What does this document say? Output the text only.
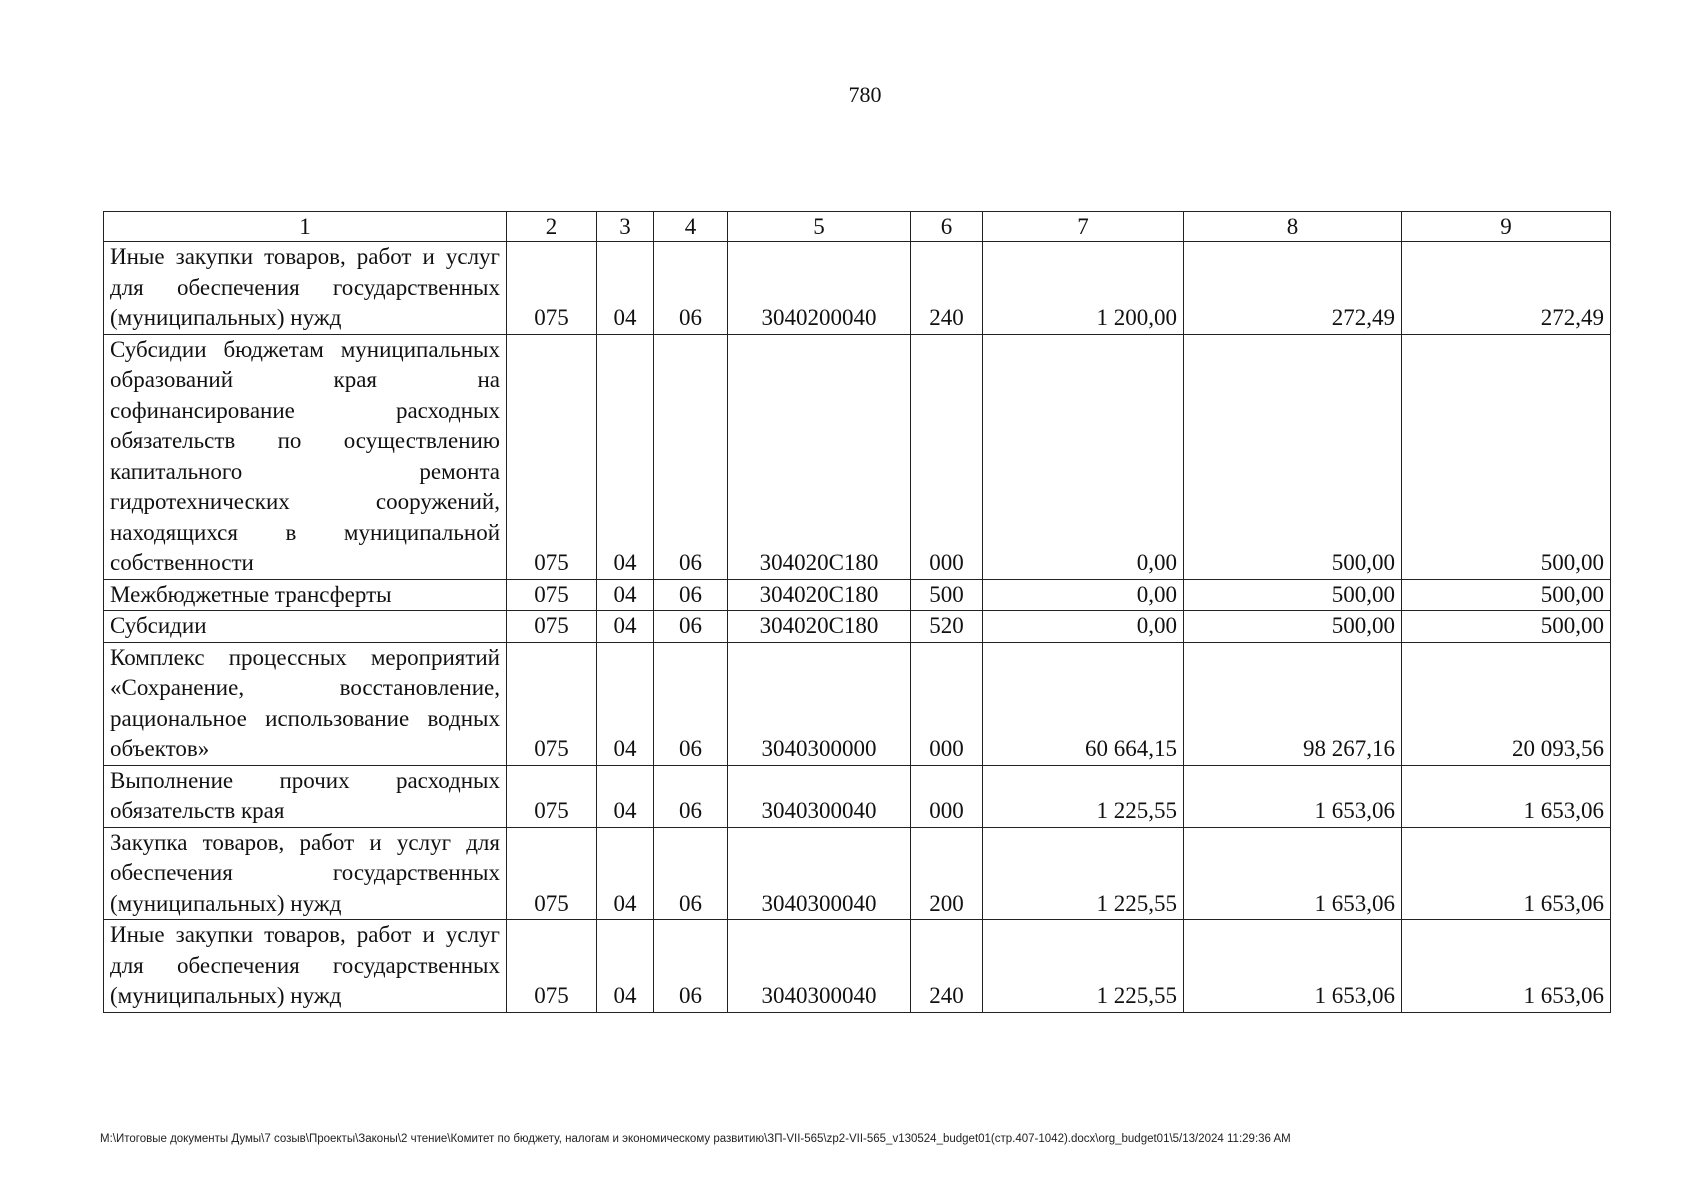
780
1	2	3	4	5	6	7	8	9
Иные закупки товаров, работ и услуг для обеспечения государственных (муниципальных) нужд	075	04	06	3040200040	240	1 200,00	272,49	272,49
Субсидии бюджетам муниципальных образований края на софинансирование расходных обязательств по осуществлению капитального ремонта гидротехнических сооружений, находящихся в муниципальной собственности	075	04	06	304020С180	000	0,00	500,00	500,00
Межбюджетные трансферты	075	04	06	304020С180	500	0,00	500,00	500,00
Субсидии	075	04	06	304020С180	520	0,00	500,00	500,00
Комплекс процессных мероприятий «Сохранение, восстановление, рациональное использование водных объектов»	075	04	06	3040300000	000	60 664,15	98 267,16	20 093,56
Выполнение прочих расходных обязательств края	075	04	06	3040300040	000	1 225,55	1 653,06	1 653,06
Закупка товаров, работ и услуг для обеспечения государственных (муниципальных) нужд	075	04	06	3040300040	200	1 225,55	1 653,06	1 653,06
Иные закупки товаров, работ и услуг для обеспечения государственных (муниципальных) нужд	075	04	06	3040300040	240	1 225,55	1 653,06	1 653,06
M:\Итоговые документы Думы\7 созыв\Проекты\Законы\2 чтение\Комитет по бюджету, налогам и экономическому развитию\ЗП-VII-565\zp2-VII-565_v130524_budget01(стр.407-1042).docx\org_budget01\5/13/2024 11:29:36 AM
